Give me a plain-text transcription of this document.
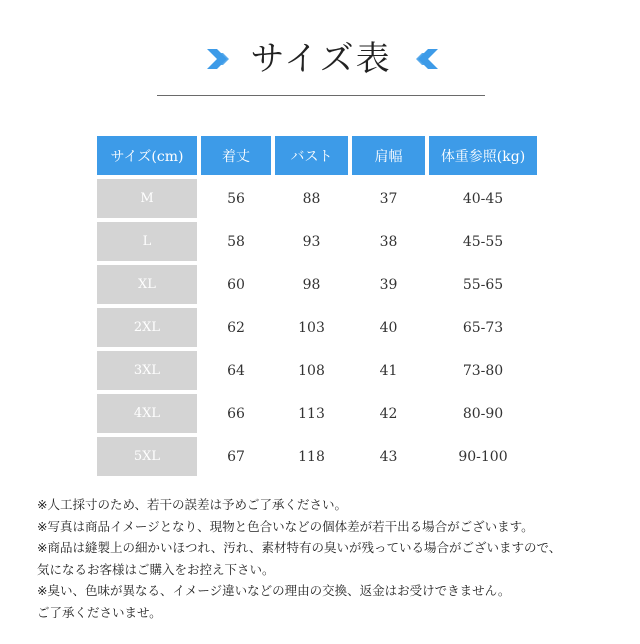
サイズ表
サイズ(cm)	着丈	バスト	肩幅	体重参照(kg)
M	56	88	37	40-45
L	58	93	38	45-55
XL	60	98	39	55-65
2XL	62	103	40	65-73
3XL	64	108	41	73-80
4XL	66	113	42	80-90
5XL	67	118	43	90-100
※人工採寸のため、若干の誤差は予めご了承ください。
※写真は商品イメージとなり、現物と色合いなどの個体差が若干出る場合がございます。
※商品は縫製上の細かいほつれ、汚れ、素材特有の臭いが残っている場合がございますので、
気になるお客様はご購入をお控え下さい。
※臭い、色味が異なる、イメージ違いなどの理由の交換、返金はお受けできません。
ご了承くださいませ。
